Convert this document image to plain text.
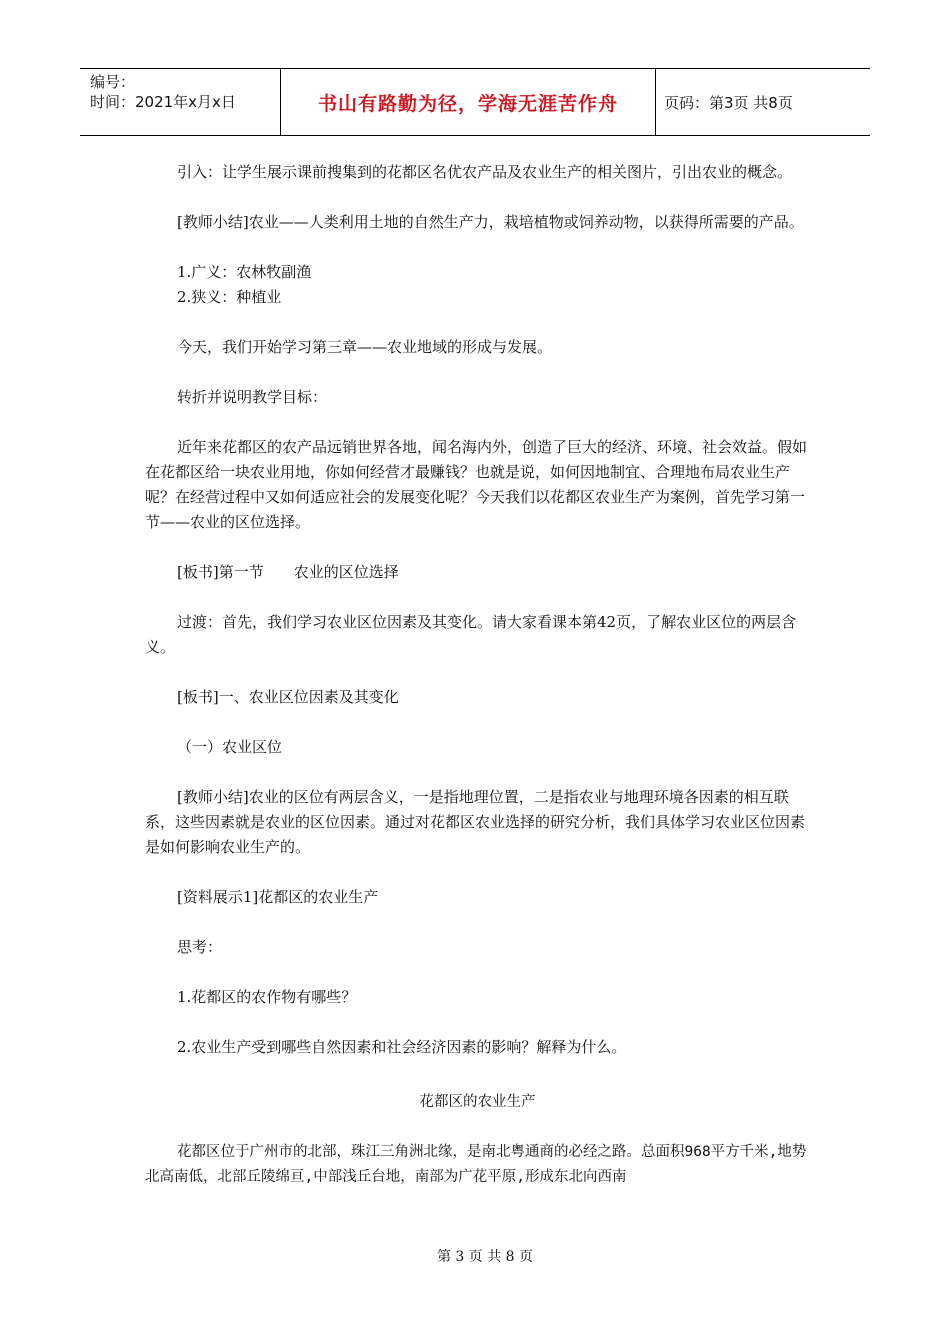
编号：
时间：2021年x月x日	书山有路勤为径，学海无涯苦作舟	页码：第3页 共8页

引入：让学生展示课前搜集到的花都区名优农产品及农业生产的相关图片，引出农业的概念。

[教师小结]农业——人类利用土地的自然生产力，栽培植物或饲养动物，以获得所需要的产品。

1.广义：农林牧副渔

2.狭义：种植业

今天，我们开始学习第三章——农业地域的形成与发展。

转折并说明教学目标：

近年来花都区的农产品远销世界各地，闻名海内外，创造了巨大的经济、环境、社会效益。假如在花都区给一块农业用地，你如何经营才最赚钱？也就是说，如何因地制宜、合理地布局农业生产呢？在经营过程中又如何适应社会的发展变化呢？今天我们以花都区农业生产为案例，首先学习第一节——农业的区位选择。

[板书]第一节　　农业的区位选择

过渡：首先，我们学习农业区位因素及其变化。请大家看课本第42页，了解农业区位的两层含义。

[板书]一、农业区位因素及其变化

（一）农业区位

[教师小结]农业的区位有两层含义，一是指地理位置，二是指农业与地理环境各因素的相互联系，这些因素就是农业的区位因素。通过对花都区农业选择的研究分析，我们具体学习农业区位因素是如何影响农业生产的。

[资料展示1]花都区的农业生产

思考：

1.花都区的农作物有哪些？

2.农业生产受到哪些自然因素和社会经济因素的影响？解释为什么。

花都区的农业生产

花都区位于广州市的北部，珠江三角洲北缘，是南北粤通商的必经之路。总面积968平方千米,地势北高南低，北部丘陵绵亘,中部浅丘台地，南部为广花平原,形成东北向西南

第 3 页 共 8 页
